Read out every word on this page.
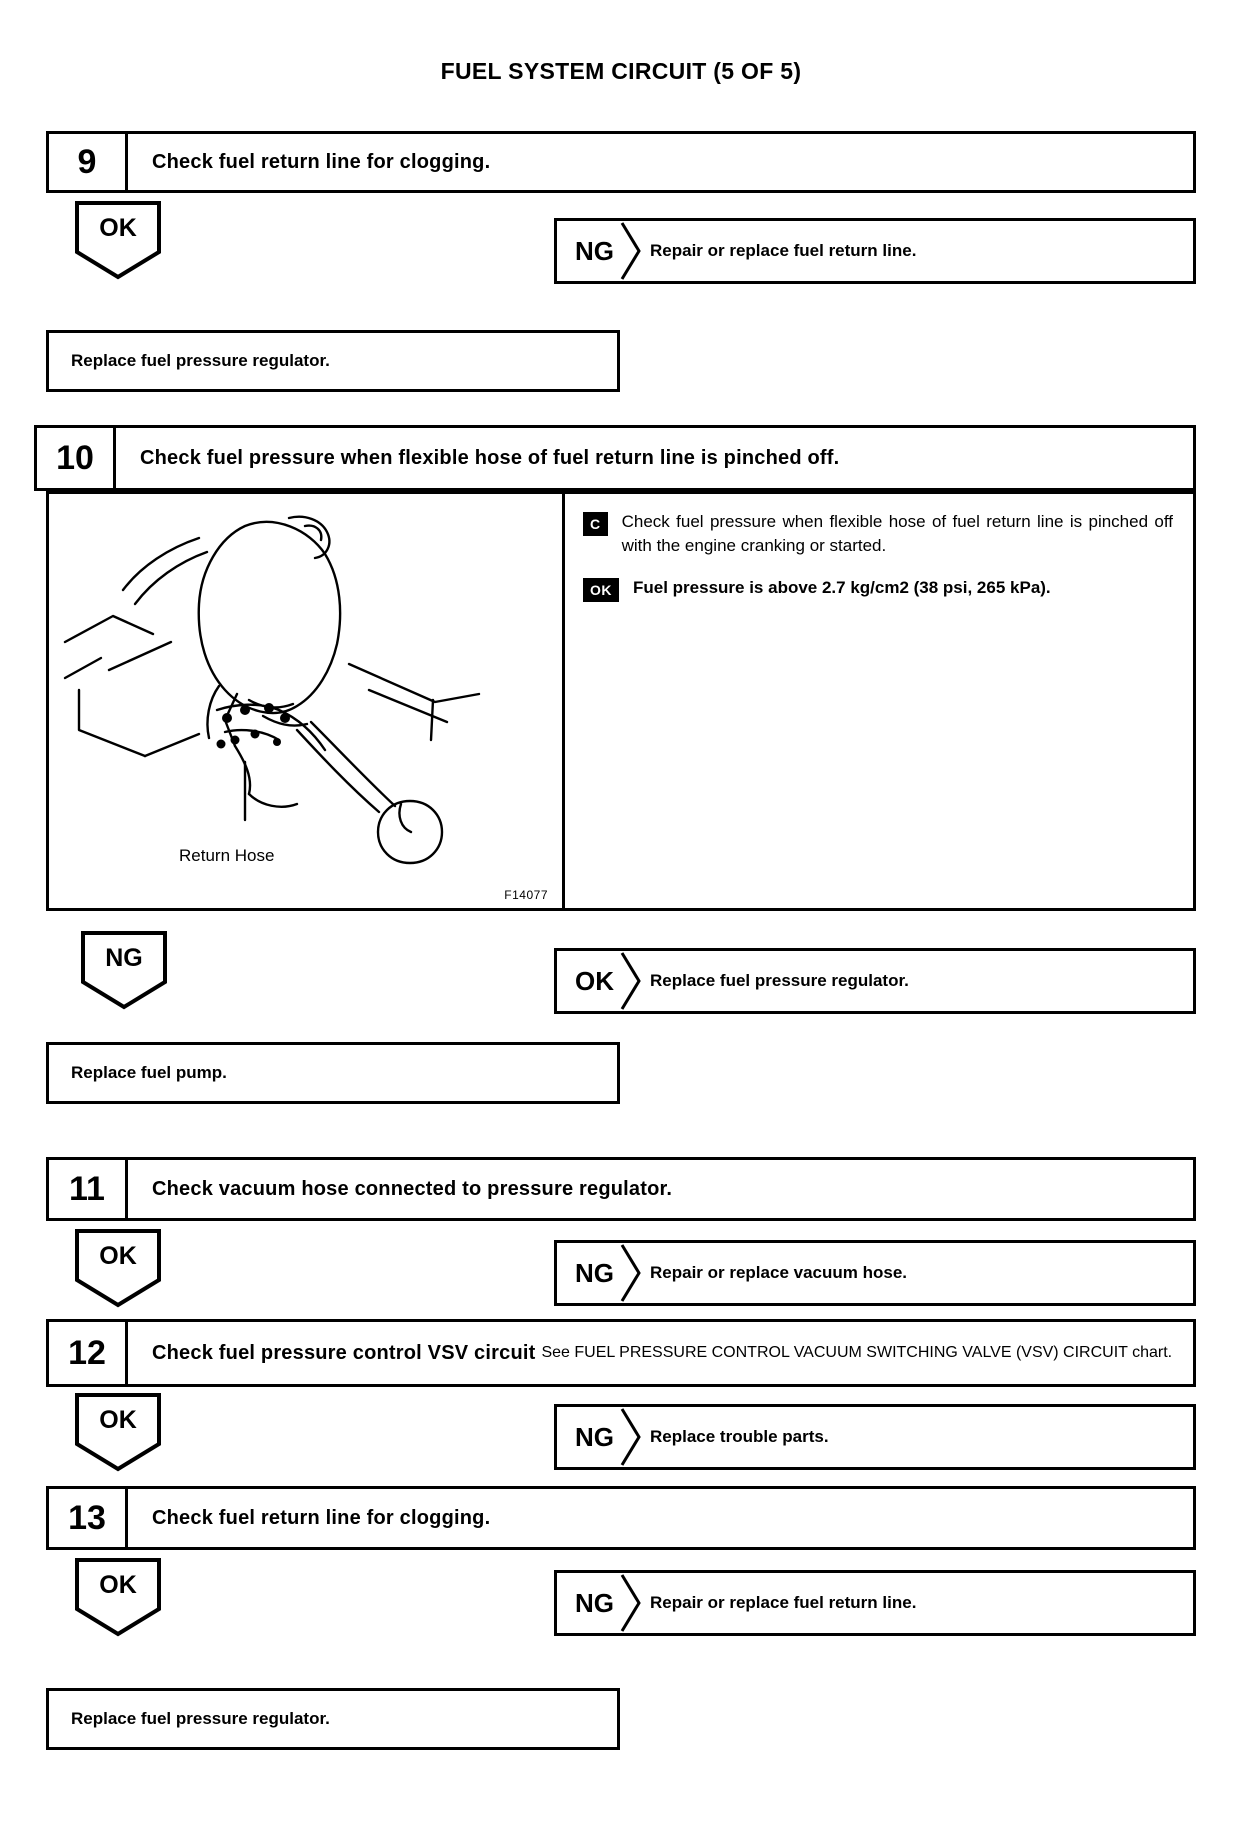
FUEL SYSTEM CIRCUIT (5 OF 5)
9	Check fuel return line for clogging.
OK
NG	Repair or replace fuel return line.
Replace fuel pressure regulator.
10	Check fuel pressure when flexible hose of fuel return line is pinched off.
Return Hose
F14077
C	Check fuel pressure when flexible hose of fuel return line is pinched off with the engine cranking or started.
OK	Fuel pressure is above 2.7 kg/cm2 (38 psi, 265 kPa).
NG
OK	Replace fuel pressure regulator.
Replace fuel pump.
11	Check vacuum hose connected to pressure regulator.
OK
NG	Repair or replace vacuum hose.
12	Check fuel pressure control VSV circuit See FUEL PRESSURE CONTROL VACUUM SWITCHING VALVE (VSV) CIRCUIT chart.
OK
NG	Replace trouble parts.
13	Check fuel return line for clogging.
OK
NG	Repair or replace fuel return line.
Replace fuel pressure regulator.
